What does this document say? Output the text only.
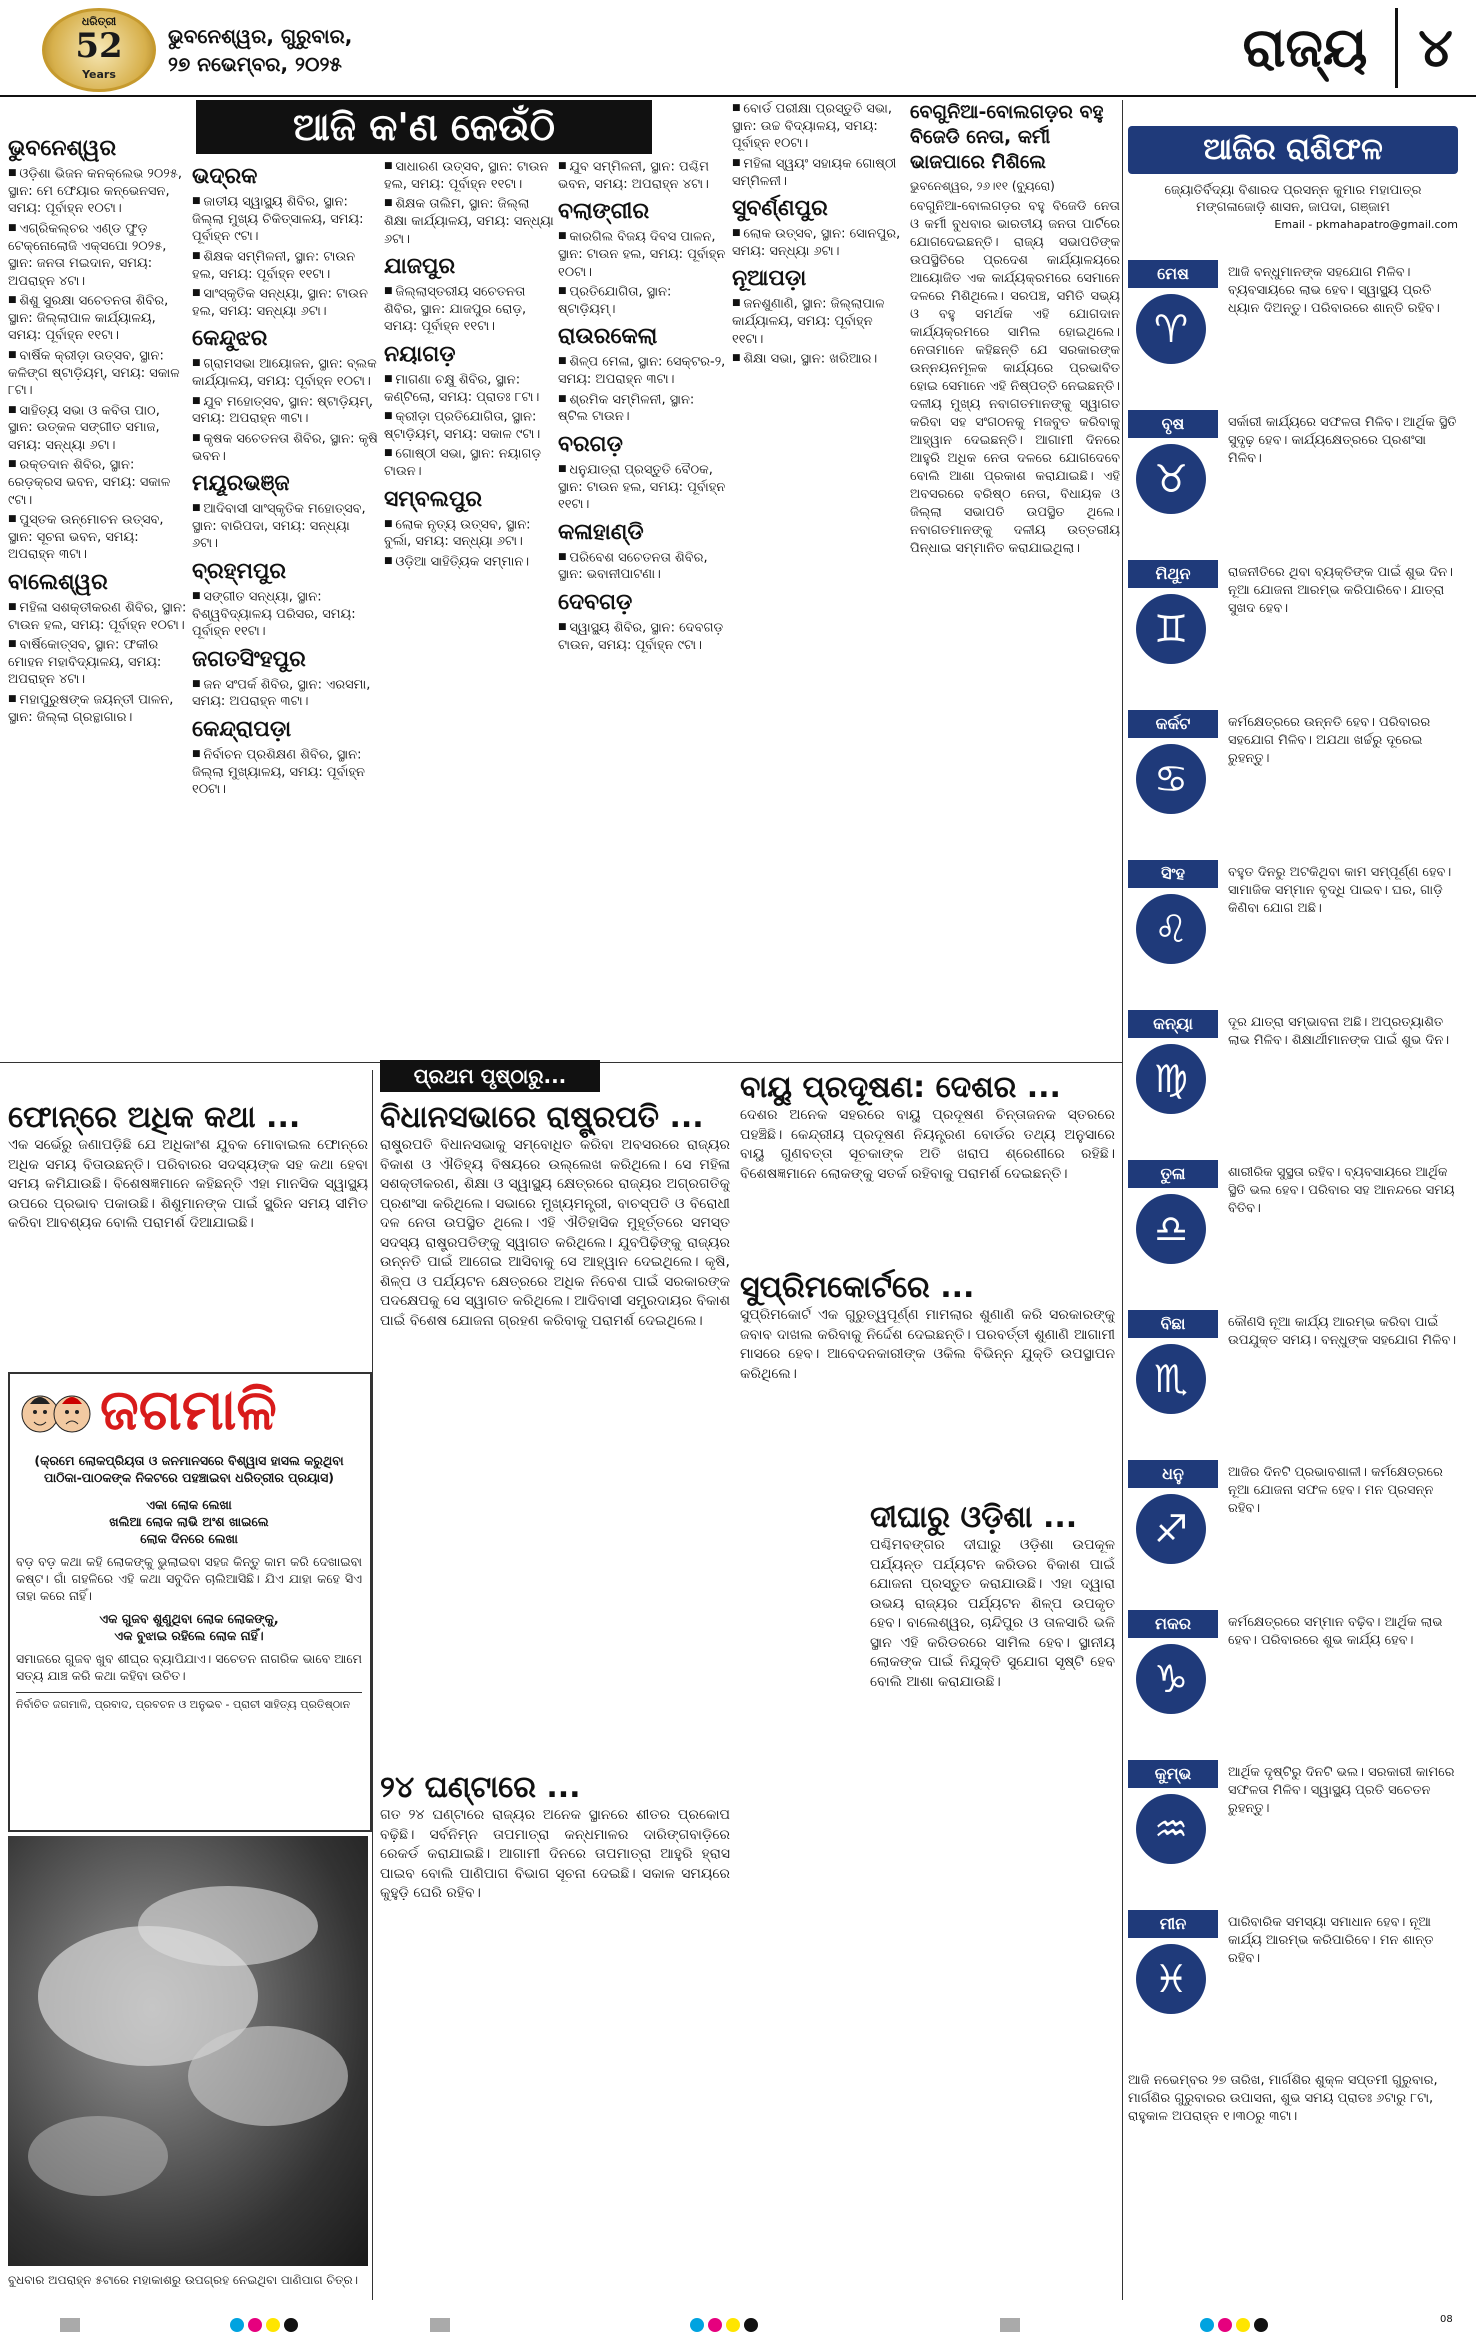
ଧରିତ୍ରୀ
52
Years
ଭୁବନେଶ୍ୱର, ଗୁରୁବାର,
୨୭ ନଭେମ୍ବର, ୨୦୨୫	ରାଜ୍ୟ ୪
ଆଜି କ'ଣ କେଉଁଠି
ଭୁବନେଶ୍ୱର
■ ଓଡ଼ିଶା ଭିଜନ କନକ୍ଲେଭ ୨୦୨୫, ସ୍ଥାନ: ମେ ଫେୟାର କନ୍ଭେନସନ, ସମୟ: ପୂର୍ବାହ୍ନ ୧୦ଟା।
■ ଏଗ୍ରିକଲ୍ଚର ଏଣ୍ଡ ଫୁଡ଼ ଟେକ୍ନୋଲୋଜି ଏକ୍ସପୋ ୨୦୨୫, ସ୍ଥାନ: ଜନତା ମଇଦାନ, ସମୟ: ଅପରାହ୍ନ ୪ଟା।
■ ଶିଶୁ ସୁରକ୍ଷା ସଚେତନତା ଶିବିର, ସ୍ଥାନ: ଜିଲ୍ଲାପାଳ କାର୍ଯ୍ୟାଳୟ, ସମୟ: ପୂର୍ବାହ୍ନ ୧୧ଟା।
■ ବାର୍ଷିକ କ୍ରୀଡ଼ା ଉତ୍ସବ, ସ୍ଥାନ: କଳିଙ୍ଗ ଷ୍ଟାଡ଼ିୟମ୍, ସମୟ: ସକାଳ ୮ଟା।
■ ସାହିତ୍ୟ ସଭା ଓ କବିତା ପାଠ, ସ୍ଥାନ: ଉତ୍କଳ ସଙ୍ଗୀତ ସମାଜ, ସମୟ: ସନ୍ଧ୍ୟା ୬ଟା।
■ ରକ୍ତଦାନ ଶିବିର, ସ୍ଥାନ: ରେଡ଼କ୍ରସ ଭବନ, ସମୟ: ସକାଳ ୯ଟା।
■ ପୁସ୍ତକ ଉନ୍ମୋଚନ ଉତ୍ସବ, ସ୍ଥାନ: ସୂଚନା ଭବନ, ସମୟ: ଅପରାହ୍ନ ୩ଟା।
ବାଲେଶ୍ୱର
■ ମହିଳା ସଶକ୍ତୀକରଣ ଶିବିର, ସ୍ଥାନ: ଟାଉନ ହଲ, ସମୟ: ପୂର୍ବାହ୍ନ ୧୦ଟା।
■ ବାର୍ଷିକୋତ୍ସବ, ସ୍ଥାନ: ଫକୀର ମୋହନ ମହାବିଦ୍ୟାଳୟ, ସମୟ: ଅପରାହ୍ନ ୪ଟା।
■ ମହାପୁରୁଷଙ୍କ ଜୟନ୍ତୀ ପାଳନ, ସ୍ଥାନ: ଜିଲ୍ଲା ଗ୍ରନ୍ଥାଗାର।
ଭଦ୍ରକ
■ ଜାତୀୟ ସ୍ୱାସ୍ଥ୍ୟ ଶିବିର, ସ୍ଥାନ: ଜିଲ୍ଲା ମୁଖ୍ୟ ଚିକିତ୍ସାଳୟ, ସମୟ: ପୂର୍ବାହ୍ନ ୯ଟା।
■ ଶିକ୍ଷକ ସମ୍ମିଳନୀ, ସ୍ଥାନ: ଟାଉନ ହଲ, ସମୟ: ପୂର୍ବାହ୍ନ ୧୧ଟା।
■ ସାଂସ୍କୃତିକ ସନ୍ଧ୍ୟା, ସ୍ଥାନ: ଟାଉନ ହଲ, ସମୟ: ସନ୍ଧ୍ୟା ୬ଟା।
କେନ୍ଦୁଝର
■ ଗ୍ରାମସଭା ଆୟୋଜନ, ସ୍ଥାନ: ବ୍ଲକ କାର୍ଯ୍ୟାଳୟ, ସମୟ: ପୂର୍ବାହ୍ନ ୧୦ଟା।
■ ଯୁବ ମହୋତ୍ସବ, ସ୍ଥାନ: ଷ୍ଟାଡ଼ିୟମ୍, ସମୟ: ଅପରାହ୍ନ ୩ଟା।
■ କୃଷକ ସଚେତନତା ଶିବିର, ସ୍ଥାନ: କୃଷି ଭବନ।
ମୟୂରଭଞ୍ଜ
■ ଆଦିବାସୀ ସାଂସ୍କୃତିକ ମହୋତ୍ସବ, ସ୍ଥାନ: ବାରିପଦା, ସମୟ: ସନ୍ଧ୍ୟା ୬ଟା।
ବ୍ରହ୍ମପୁର
■ ସଙ୍ଗୀତ ସନ୍ଧ୍ୟା, ସ୍ଥାନ: ବିଶ୍ୱବିଦ୍ୟାଳୟ ପରିସର, ସମୟ: ପୂର୍ବାହ୍ନ ୧୧ଟା।
ଜଗତସିଂହପୁର
■ ଜନ ସଂପର୍କ ଶିବିର, ସ୍ଥାନ: ଏରସମା, ସମୟ: ଅପରାହ୍ନ ୩ଟା।
କେନ୍ଦ୍ରାପଡ଼ା
■ ନିର୍ବାଚନ ପ୍ରଶିକ୍ଷଣ ଶିବିର, ସ୍ଥାନ: ଜିଲ୍ଲା ମୁଖ୍ୟାଳୟ, ସମୟ: ପୂର୍ବାହ୍ନ ୧୦ଟା।
■ ସାଧାରଣ ଉତ୍ସବ, ସ୍ଥାନ: ଟାଉନ ହଲ, ସମୟ: ପୂର୍ବାହ୍ନ ୧୧ଟା।
■ ଶିକ୍ଷକ ତାଲିମ, ସ୍ଥାନ: ଜିଲ୍ଲା ଶିକ୍ଷା କାର୍ଯ୍ୟାଳୟ, ସମୟ: ସନ୍ଧ୍ୟା ୬ଟା।
ଯାଜପୁର
■ ଜିଲ୍ଲାସ୍ତରୀୟ ସଚେତନତା ଶିବିର, ସ୍ଥାନ: ଯାଜପୁର ରୋଡ଼, ସମୟ: ପୂର୍ବାହ୍ନ ୧୧ଟା।
ନୟାଗଡ଼
■ ମାଗଣା ଚକ୍ଷୁ ଶିବିର, ସ୍ଥାନ: କଣ୍ଟିଲୋ, ସମୟ: ପ୍ରାତଃ ୮ଟା।
■ କ୍ରୀଡ଼ା ପ୍ରତିଯୋଗିତା, ସ୍ଥାନ: ଷ୍ଟାଡ଼ିୟମ୍, ସମୟ: ସକାଳ ୯ଟା।
■ ଗୋଷ୍ଠୀ ସଭା, ସ୍ଥାନ: ନୟାଗଡ଼ ଟାଉନ।
ସମ୍ବଲପୁର
■ ଲୋକ ନୃତ୍ୟ ଉତ୍ସବ, ସ୍ଥାନ: ବୁର୍ଲା, ସମୟ: ସନ୍ଧ୍ୟା ୬ଟା।
■ ଓଡ଼ିଆ ସାହିତ୍ୟିକ ସମ୍ମାନ।
■ ଯୁବ ସମ୍ମିଳନୀ, ସ୍ଥାନ: ପଶ୍ଚିମ ଭବନ, ସମୟ: ଅପରାହ୍ନ ୪ଟା।
ବଲାଙ୍ଗୀର
■ କାରଗିଲ ବିଜୟ ଦିବସ ପାଳନ, ସ୍ଥାନ: ଟାଉନ ହଲ, ସମୟ: ପୂର୍ବାହ୍ନ ୧୦ଟା।
■ ପ୍ରତିଯୋଗିତା, ସ୍ଥାନ: ଷ୍ଟାଡ଼ିୟମ୍।
ରାଉରକେଲା
■ ଶିଳ୍ପ ମେଳା, ସ୍ଥାନ: ସେକ୍ଟର-୨, ସମୟ: ଅପରାହ୍ନ ୩ଟା।
■ ଶ୍ରମିକ ସମ୍ମିଳନୀ, ସ୍ଥାନ: ଷ୍ଟିଲ ଟାଉନ।
ବରଗଡ଼
■ ଧନୁଯାତ୍ରା ପ୍ରସ୍ତୁତି ବୈଠକ, ସ୍ଥାନ: ଟାଉନ ହଲ, ସମୟ: ପୂର୍ବାହ୍ନ ୧୧ଟା।
କଳାହାଣ୍ଡି
■ ପରିବେଶ ସଚେତନତା ଶିବିର, ସ୍ଥାନ: ଭବାନୀପାଟଣା।
ଦେବଗଡ଼
■ ସ୍ୱାସ୍ଥ୍ୟ ଶିବିର, ସ୍ଥାନ: ଦେବଗଡ଼ ଟାଉନ, ସମୟ: ପୂର୍ବାହ୍ନ ୯ଟା।
■ ବୋର୍ଡ ପରୀକ୍ଷା ପ୍ରସ୍ତୁତି ସଭା, ସ୍ଥାନ: ଉଚ୍ଚ ବିଦ୍ୟାଳୟ, ସମୟ: ପୂର୍ବାହ୍ନ ୧୦ଟା।
■ ମହିଳା ସ୍ୱୟଂ ସହାୟକ ଗୋଷ୍ଠୀ ସମ୍ମିଳନୀ।
ସୁବର୍ଣ୍ଣପୁର
■ ଲୋକ ଉତ୍ସବ, ସ୍ଥାନ: ସୋନପୁର, ସମୟ: ସନ୍ଧ୍ୟା ୬ଟା।
ନୂଆପଡ଼ା
■ ଜନଶୁଣାଣି, ସ୍ଥାନ: ଜିଲ୍ଲାପାଳ କାର୍ଯ୍ୟାଳୟ, ସମୟ: ପୂର୍ବାହ୍ନ ୧୧ଟା।
■ ଶିକ୍ଷା ସଭା, ସ୍ଥାନ: ଖରିଆର।
ବେଗୁନିଆ-ବୋଲଗଡ଼ର ବହୁ ବିଜେଡି ନେତା, କର୍ମୀ ଭାଜପାରେ ମିଶିଲେ
ଭୁବନେଶ୍ୱର, ୨୬।୧୧ (ବ୍ୟୁରୋ)
ବେଗୁନିଆ-ବୋଲଗଡ଼ର ବହୁ ବିଜେଡି ନେତା ଓ କର୍ମୀ ବୁଧବାର ଭାରତୀୟ ଜନତା ପାର୍ଟିରେ ଯୋଗଦେଇଛନ୍ତି। ରାଜ୍ୟ ସଭାପତିଙ୍କ ଉପସ୍ଥିତିରେ ପ୍ରଦେଶ କାର୍ଯ୍ୟାଳୟରେ ଆୟୋଜିତ ଏକ କାର୍ଯ୍ୟକ୍ରମରେ ସେମାନେ ଦଳରେ ମିଶିଥିଲେ। ସରପଞ୍ଚ, ସମିତି ସଭ୍ୟ ଓ ବହୁ ସମର୍ଥକ ଏହି ଯୋଗଦାନ କାର୍ଯ୍ୟକ୍ରମରେ ସାମିଲ ହୋଇଥିଲେ। ନେତାମାନେ କହିଛନ୍ତି ଯେ ସରକାରଙ୍କ ଉନ୍ନୟନମୂଳକ କାର୍ଯ୍ୟରେ ପ୍ରଭାବିତ ହୋଇ ସେମାନେ ଏହି ନିଷ୍ପତ୍ତି ନେଇଛନ୍ତି। ଦଳୀୟ ମୁଖ୍ୟ ନବାଗତମାନଙ୍କୁ ସ୍ୱାଗତ କରିବା ସହ ସଂଗଠନକୁ ମଜବୁତ କରିବାକୁ ଆହ୍ୱାନ ଦେଇଛନ୍ତି। ଆଗାମୀ ଦିନରେ ଆହୁରି ଅଧିକ ନେତା ଦଳରେ ଯୋଗଦେବେ ବୋଲି ଆଶା ପ୍ରକାଶ କରାଯାଇଛି। ଏହି ଅବସରରେ ବରିଷ୍ଠ ନେତା, ବିଧାୟକ ଓ ଜିଲ୍ଲା ସଭାପତି ଉପସ୍ଥିତ ଥିଲେ। ନବାଗତମାନଙ୍କୁ ଦଳୀୟ ଉତ୍ତରୀୟ ପିନ୍ଧାଇ ସମ୍ମାନିତ କରାଯାଇଥିଲା।
ଆଜିର ରାଶିଫଳ
ଜ୍ୟୋତିର୍ବିଦ୍ୟା ବିଶାରଦ ପ୍ରସନ୍ନ କୁମାର ମହାପାତ୍ର
ମଙ୍ଗଳାଜୋଡ଼ି ଶାସନ, ଜାପଦା, ଗଞ୍ଜାମ
Email - pkmahapatro@gmail.com
ମେଷ
♈
ଆଜି ବନ୍ଧୁମାନଙ୍କ ସହଯୋଗ ମିଳିବ। ବ୍ୟବସାୟରେ ଲାଭ ହେବ। ସ୍ୱାସ୍ଥ୍ୟ ପ୍ରତି ଧ୍ୟାନ ଦିଅନ୍ତୁ। ପରିବାରରେ ଶାନ୍ତି ରହିବ।
ବୃଷ
♉
ସର୍କାରୀ କାର୍ଯ୍ୟରେ ସଫଳତା ମିଳିବ। ଆର୍ଥିକ ସ୍ଥିତି ସୁଦୃଢ଼ ହେବ। କାର୍ଯ୍ୟକ୍ଷେତ୍ରରେ ପ୍ରଶଂସା ମିଳିବ।
ମିଥୁନ
♊
ରାଜନୀତିରେ ଥିବା ବ୍ୟକ୍ତିଙ୍କ ପାଇଁ ଶୁଭ ଦିନ। ନୂଆ ଯୋଜନା ଆରମ୍ଭ କରିପାରିବେ। ଯାତ୍ରା ସୁଖଦ ହେବ।
କର୍କଟ
♋
କର୍ମକ୍ଷେତ୍ରରେ ଉନ୍ନତି ହେବ। ପରିବାରର ସହଯୋଗ ମିଳିବ। ଅଯଥା ଖର୍ଚ୍ଚରୁ ଦୂରେଇ ରୁହନ୍ତୁ।
ସିଂହ
♌
ବହୁତ ଦିନରୁ ଅଟକିଥିବା କାମ ସମ୍ପୂର୍ଣ୍ଣ ହେବ। ସାମାଜିକ ସମ୍ମାନ ବୃଦ୍ଧି ପାଇବ। ଘର, ଗାଡ଼ି କିଣିବା ଯୋଗ ଅଛି।
କନ୍ୟା
♍
ଦୂର ଯାତ୍ରା ସମ୍ଭାବନା ଅଛି। ଅପ୍ରତ୍ୟାଶିତ ଲାଭ ମିଳିବ। ଶିକ୍ଷାର୍ଥୀମାନଙ୍କ ପାଇଁ ଶୁଭ ଦିନ।
ତୁଳା
♎
ଶାରୀରିକ ସୁସ୍ଥତା ରହିବ। ବ୍ୟବସାୟରେ ଆର୍ଥିକ ସ୍ଥିତି ଭଲ ହେବ। ପରିବାର ସହ ଆନନ୍ଦରେ ସମୟ ବିତିବ।
ବିଛା
♏
କୌଣସି ନୂଆ କାର୍ଯ୍ୟ ଆରମ୍ଭ କରିବା ପାଇଁ ଉପଯୁକ୍ତ ସମୟ। ବନ୍ଧୁଙ୍କ ସହଯୋଗ ମିଳିବ।
ଧନୁ
♐
ଆଜିର ଦିନଟି ପ୍ରଭାବଶାଳୀ। କର୍ମକ୍ଷେତ୍ରରେ ନୂଆ ଯୋଜନା ସଫଳ ହେବ। ମନ ପ୍ରସନ୍ନ ରହିବ।
ମକର
♑
କର୍ମକ୍ଷେତ୍ରରେ ସମ୍ମାନ ବଢ଼ିବ। ଆର୍ଥିକ ଲାଭ ହେବ। ପରିବାରରେ ଶୁଭ କାର୍ଯ୍ୟ ହେବ।
କୁମ୍ଭ
♒
ଆର୍ଥିକ ଦୃଷ୍ଟିରୁ ଦିନଟି ଭଲ। ସରକାରୀ କାମରେ ସଫଳତା ମିଳିବ। ସ୍ୱାସ୍ଥ୍ୟ ପ୍ରତି ସଚେତନ ରୁହନ୍ତୁ।
ମୀନ
♓
ପାରିବାରିକ ସମସ୍ୟା ସମାଧାନ ହେବ। ନୂଆ କାର୍ଯ୍ୟ ଆରମ୍ଭ କରିପାରିବେ। ମନ ଶାନ୍ତ ରହିବ।
ଆଜି ନଭେମ୍ବର ୨୭ ତାରିଖ, ମାର୍ଗଶିର ଶୁକ୍ଳ ସପ୍ତମୀ ଗୁରୁବାର, ମାର୍ଗଶିର ଗୁରୁବାରର ଉପାସନା, ଶୁଭ ସମୟ ପ୍ରାତଃ ୬ଟାରୁ ୮ଟା, ରାହୁକାଳ ଅପରାହ୍ନ ୧।୩୦ରୁ ୩ଟା।
ପ୍ରଥମ ପୃଷ୍ଠାରୁ...
ଫୋନ୍‌ରେ ଅଧିକ କଥା ...
ଏକ ସର୍ଭେରୁ ଜଣାପଡ଼ିଛି ଯେ ଅଧିକାଂଶ ଯୁବକ ମୋବାଇଲ ଫୋନ୍‌ରେ ଅଧିକ ସମୟ ବିତାଉଛନ୍ତି। ପରିବାରର ସଦସ୍ୟଙ୍କ ସହ କଥା ହେବା ସମୟ କମିଯାଉଛି। ବିଶେଷଜ୍ଞମାନେ କହିଛନ୍ତି ଏହା ମାନସିକ ସ୍ୱାସ୍ଥ୍ୟ ଉପରେ ପ୍ରଭାବ ପକାଉଛି। ଶିଶୁମାନଙ୍କ ପାଇଁ ସ୍କ୍ରିନ ସମୟ ସୀମିତ କରିବା ଆବଶ୍ୟକ ବୋଲି ପରାମର୍ଶ ଦିଆଯାଇଛି।
ଜଗମାଳି
(କ୍ରମେ ଲୋକପ୍ରିୟତା ଓ ଜନମାନସରେ ବିଶ୍ୱାସ ହାସଲ କରୁଥିବା ପାଠିକା-ପାଠକଙ୍କ ନିକଟରେ ପହଞ୍ଚାଇବା ଧରିତ୍ରୀର ପ୍ରୟାସ)
ଏକା ଲୋକ ଲେଖା
ଖଲିଆ ଲୋକ ଲାଭି ଅଂଶ ଖାଇଲେ
ଲୋକ ଦିନରେ ଲେଖା
ବଡ଼ ବଡ଼ କଥା କହି ଲୋକଙ୍କୁ ଭୁଲାଇବା ସହଜ କିନ୍ତୁ କାମ କରି ଦେଖାଇବା କଷ୍ଟ। ଗାଁ ଗହଳିରେ ଏହି କଥା ସବୁଦିନ ଚାଲିଆସିଛି। ଯିଏ ଯାହା କହେ ସିଏ ତାହା କରେ ନାହିଁ।
ଏକ ଗୁଜବ ଶୁଣୁଥିବା ଲୋକ ଲୋକଙ୍କୁ,
ଏକ ବୁଝାଇ ରହିଲେ ଲୋକ ନାହିଁ।
ସମାଜରେ ଗୁଜବ ଖୁବ ଶୀଘ୍ର ବ୍ୟାପିଯାଏ। ସଚେତନ ନାଗରିକ ଭାବେ ଆମେ ସତ୍ୟ ଯାଞ୍ଚ କରି କଥା କହିବା ଉଚିତ।
ନିର୍ବାଚିତ ଜଗମାଳି, ପ୍ରବାଦ, ପ୍ରବଚନ ଓ ଅନୁଭବ - ପ୍ରାଚୀ ସାହିତ୍ୟ ପ୍ରତିଷ୍ଠାନ
ବୁଧବାର ଅପରାହ୍ନ ୫ଟାରେ ମହାକାଶରୁ ଉପଗ୍ରହ ନେଇଥିବା ପାଣିପାଗ ଚିତ୍ର।
ବିଧାନସଭାରେ ରାଷ୍ଟ୍ରପତି ...
ରାଷ୍ଟ୍ରପତି ବିଧାନସଭାକୁ ସମ୍ବୋଧିତ କରିବା ଅବସରରେ ରାଜ୍ୟର ବିକାଶ ଓ ଐତିହ୍ୟ ବିଷୟରେ ଉଲ୍ଲେଖ କରିଥିଲେ। ସେ ମହିଳା ସଶକ୍ତୀକରଣ, ଶିକ୍ଷା ଓ ସ୍ୱାସ୍ଥ୍ୟ କ୍ଷେତ୍ରରେ ରାଜ୍ୟର ଅଗ୍ରଗତିକୁ ପ୍ରଶଂସା କରିଥିଲେ। ସଭାରେ ମୁଖ୍ୟମନ୍ତ୍ରୀ, ବାଚସ୍ପତି ଓ ବିରୋଧୀ ଦଳ ନେତା ଉପସ୍ଥିତ ଥିଲେ। ଏହି ଐତିହାସିକ ମୁହୂର୍ତ୍ତରେ ସମସ୍ତ ସଦସ୍ୟ ରାଷ୍ଟ୍ରପତିଙ୍କୁ ସ୍ୱାଗତ କରିଥିଲେ। ଯୁବପିଢ଼ିଙ୍କୁ ରାଜ୍ୟର ଉନ୍ନତି ପାଇଁ ଆଗେଇ ଆସିବାକୁ ସେ ଆହ୍ୱାନ ଦେଇଥିଲେ। କୃଷି, ଶିଳ୍ପ ଓ ପର୍ଯ୍ୟଟନ କ୍ଷେତ୍ରରେ ଅଧିକ ନିବେଶ ପାଇଁ ସରକାରଙ୍କ ପଦକ୍ଷେପକୁ ସେ ସ୍ୱାଗତ କରିଥିଲେ। ଆଦିବାସୀ ସମ୍ପ୍ରଦାୟର ବିକାଶ ପାଇଁ ବିଶେଷ ଯୋଜନା ଗ୍ରହଣ କରିବାକୁ ପରାମର୍ଶ ଦେଇଥିଲେ।
୨୪ ଘଣ୍ଟାରେ ...
ଗତ ୨୪ ଘଣ୍ଟାରେ ରାଜ୍ୟର ଅନେକ ସ୍ଥାନରେ ଶୀତର ପ୍ରକୋପ ବଢ଼ିଛି। ସର୍ବନିମ୍ନ ତାପମାତ୍ରା କନ୍ଧମାଳର ଦାରିଙ୍ଗବାଡ଼ିରେ ରେକର୍ଡ କରାଯାଇଛି। ଆଗାମୀ ଦିନରେ ତାପମାତ୍ରା ଆହୁରି ହ୍ରାସ ପାଇବ ବୋଲି ପାଣିପାଗ ବିଭାଗ ସୂଚନା ଦେଇଛି। ସକାଳ ସମୟରେ କୁହୁଡ଼ି ଘେରି ରହିବ।
ବାୟୁ ପ୍ରଦୂଷଣ: ଦେଶର ...
ଦେଶର ଅନେକ ସହରରେ ବାୟୁ ପ୍ରଦୂଷଣ ଚିନ୍ତାଜନକ ସ୍ତରରେ ପହଞ୍ଚିଛି। କେନ୍ଦ୍ରୀୟ ପ୍ରଦୂଷଣ ନିୟନ୍ତ୍ରଣ ବୋର୍ଡର ତଥ୍ୟ ଅନୁସାରେ ବାୟୁ ଗୁଣବତ୍ତା ସୂଚକାଙ୍କ ଅତି ଖରାପ ଶ୍ରେଣୀରେ ରହିଛି। ବିଶେଷଜ୍ଞମାନେ ଲୋକଙ୍କୁ ସତର୍କ ରହିବାକୁ ପରାମର୍ଶ ଦେଇଛନ୍ତି।
ସୁପ୍ରିମକୋର୍ଟରେ ...
ସୁପ୍ରିମକୋର୍ଟ ଏକ ଗୁରୁତ୍ୱପୂର୍ଣ୍ଣ ମାମଲାର ଶୁଣାଣି କରି ସରକାରଙ୍କୁ ଜବାବ ଦାଖଲ କରିବାକୁ ନିର୍ଦ୍ଦେଶ ଦେଇଛନ୍ତି। ପରବର୍ତ୍ତୀ ଶୁଣାଣି ଆଗାମୀ ମାସରେ ହେବ। ଆବେଦନକାରୀଙ୍କ ଓକିଲ ବିଭିନ୍ନ ଯୁକ୍ତି ଉପସ୍ଥାପନ କରିଥିଲେ।
ଦୀଘାରୁ ଓଡ଼ିଶା ...
ପଶ୍ଚିମବଙ୍ଗର ଦୀଘାରୁ ଓଡ଼ିଶା ଉପକୂଳ ପର୍ଯ୍ୟନ୍ତ ପର୍ଯ୍ୟଟନ କରିଡର ବିକାଶ ପାଇଁ ଯୋଜନା ପ୍ରସ୍ତୁତ କରାଯାଉଛି। ଏହା ଦ୍ୱାରା ଉଭୟ ରାଜ୍ୟର ପର୍ଯ୍ୟଟନ ଶିଳ୍ପ ଉପକୃତ ହେବ। ବାଲେଶ୍ୱର, ଚାନ୍ଦିପୁର ଓ ତାଳସାରି ଭଳି ସ୍ଥାନ ଏହି କରିଡରରେ ସାମିଲ ହେବ। ସ୍ଥାନୀୟ ଲୋକଙ୍କ ପାଇଁ ନିଯୁକ୍ତି ସୁଯୋଗ ସୃଷ୍ଟି ହେବ ବୋଲି ଆଶା କରାଯାଉଛି।
08
